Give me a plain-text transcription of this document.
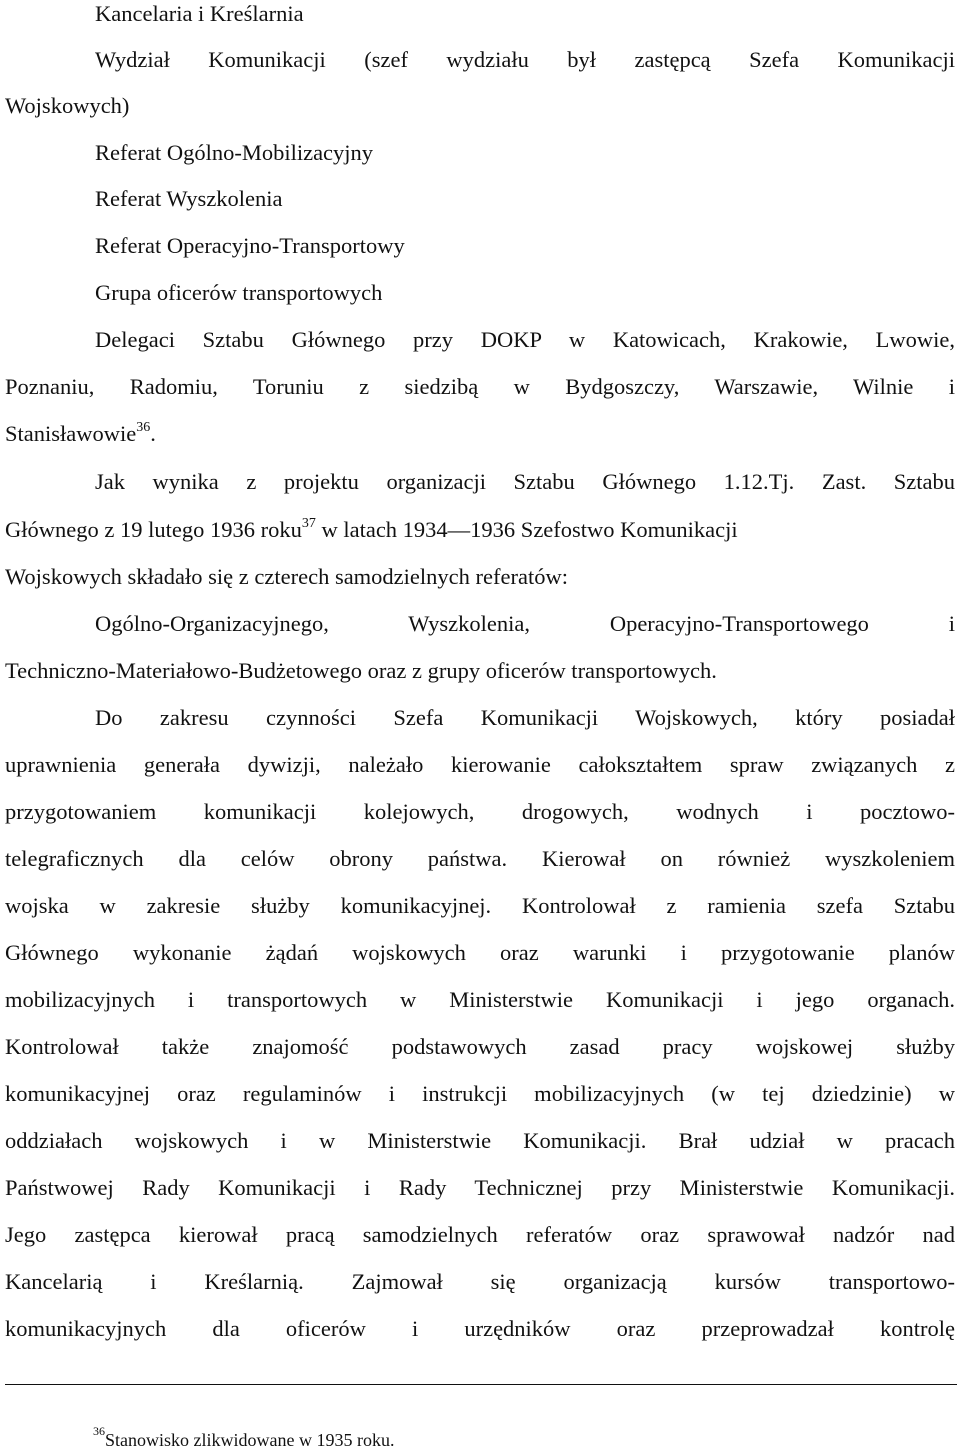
Kancelaria i Kreślarnia
Wydział Komunikacji (szef wydziału był zastępcą Szefa Komunikacji
Wojskowych)
Referat Ogólno-Mobilizacyjny
Referat Wyszkolenia
Referat Operacyjno-Transportowy
Grupa oficerów transportowych
Delegaci Sztabu Głównego przy DOKP w Katowicach, Krakowie, Lwowie,
Poznaniu, Radomiu, Toruniu z siedzibą w Bydgoszczy, Warszawie, Wilnie i
Stanisławowie$^{36}$.
Jak wynika z projektu organizacji Sztabu Głównego 1.12.Tj. Zast. Sztabu
Głównego z 19 lutego 1936 roku$^{37}$ w latach 1934—1936 Szefostwo Komunikacji
Wojskowych składało się z czterech samodzielnych referatów:
Ogólno-Organizacyjnego, Wyszkolenia, Operacyjno-Transportowego i
Techniczno-Materiałowo-Budżetowego oraz z grupy oficerów transportowych.
Do zakresu czynności Szefa Komunikacji Wojskowych, który posiadał
uprawnienia generała dywizji, należało kierowanie całokształtem spraw związanych z
przygotowaniem komunikacji kolejowych, drogowych, wodnych i pocztowo-
telegraficznych dla celów obrony państwa. Kierował on również wyszkoleniem
wojska w zakresie służby komunikacyjnej. Kontrolował z ramienia szefa Sztabu
Głównego wykonanie żądań wojskowych oraz warunki i przygotowanie planów
mobilizacyjnych i transportowych w Ministerstwie Komunikacji i jego organach.
Kontrolował także znajomość podstawowych zasad pracy wojskowej służby
komunikacyjnej oraz regulaminów i instrukcji mobilizacyjnych (w tej dziedzinie) w
oddziałach wojskowych i w Ministerstwie Komunikacji. Brał udział w pracach
Państwowej Rady Komunikacji i Rady Technicznej przy Ministerstwie Komunikacji.
Jego zastępca kierował pracą samodzielnych referatów oraz sprawował nadzór nad
Kancelarią i Kreślarnią. Zajmował się organizacją kursów transportowo-
komunikacyjnych dla oficerów i urzędników oraz przeprowadzał kontrolę
$^{36}$Stanowisko zlikwidowane w 1935 roku.
